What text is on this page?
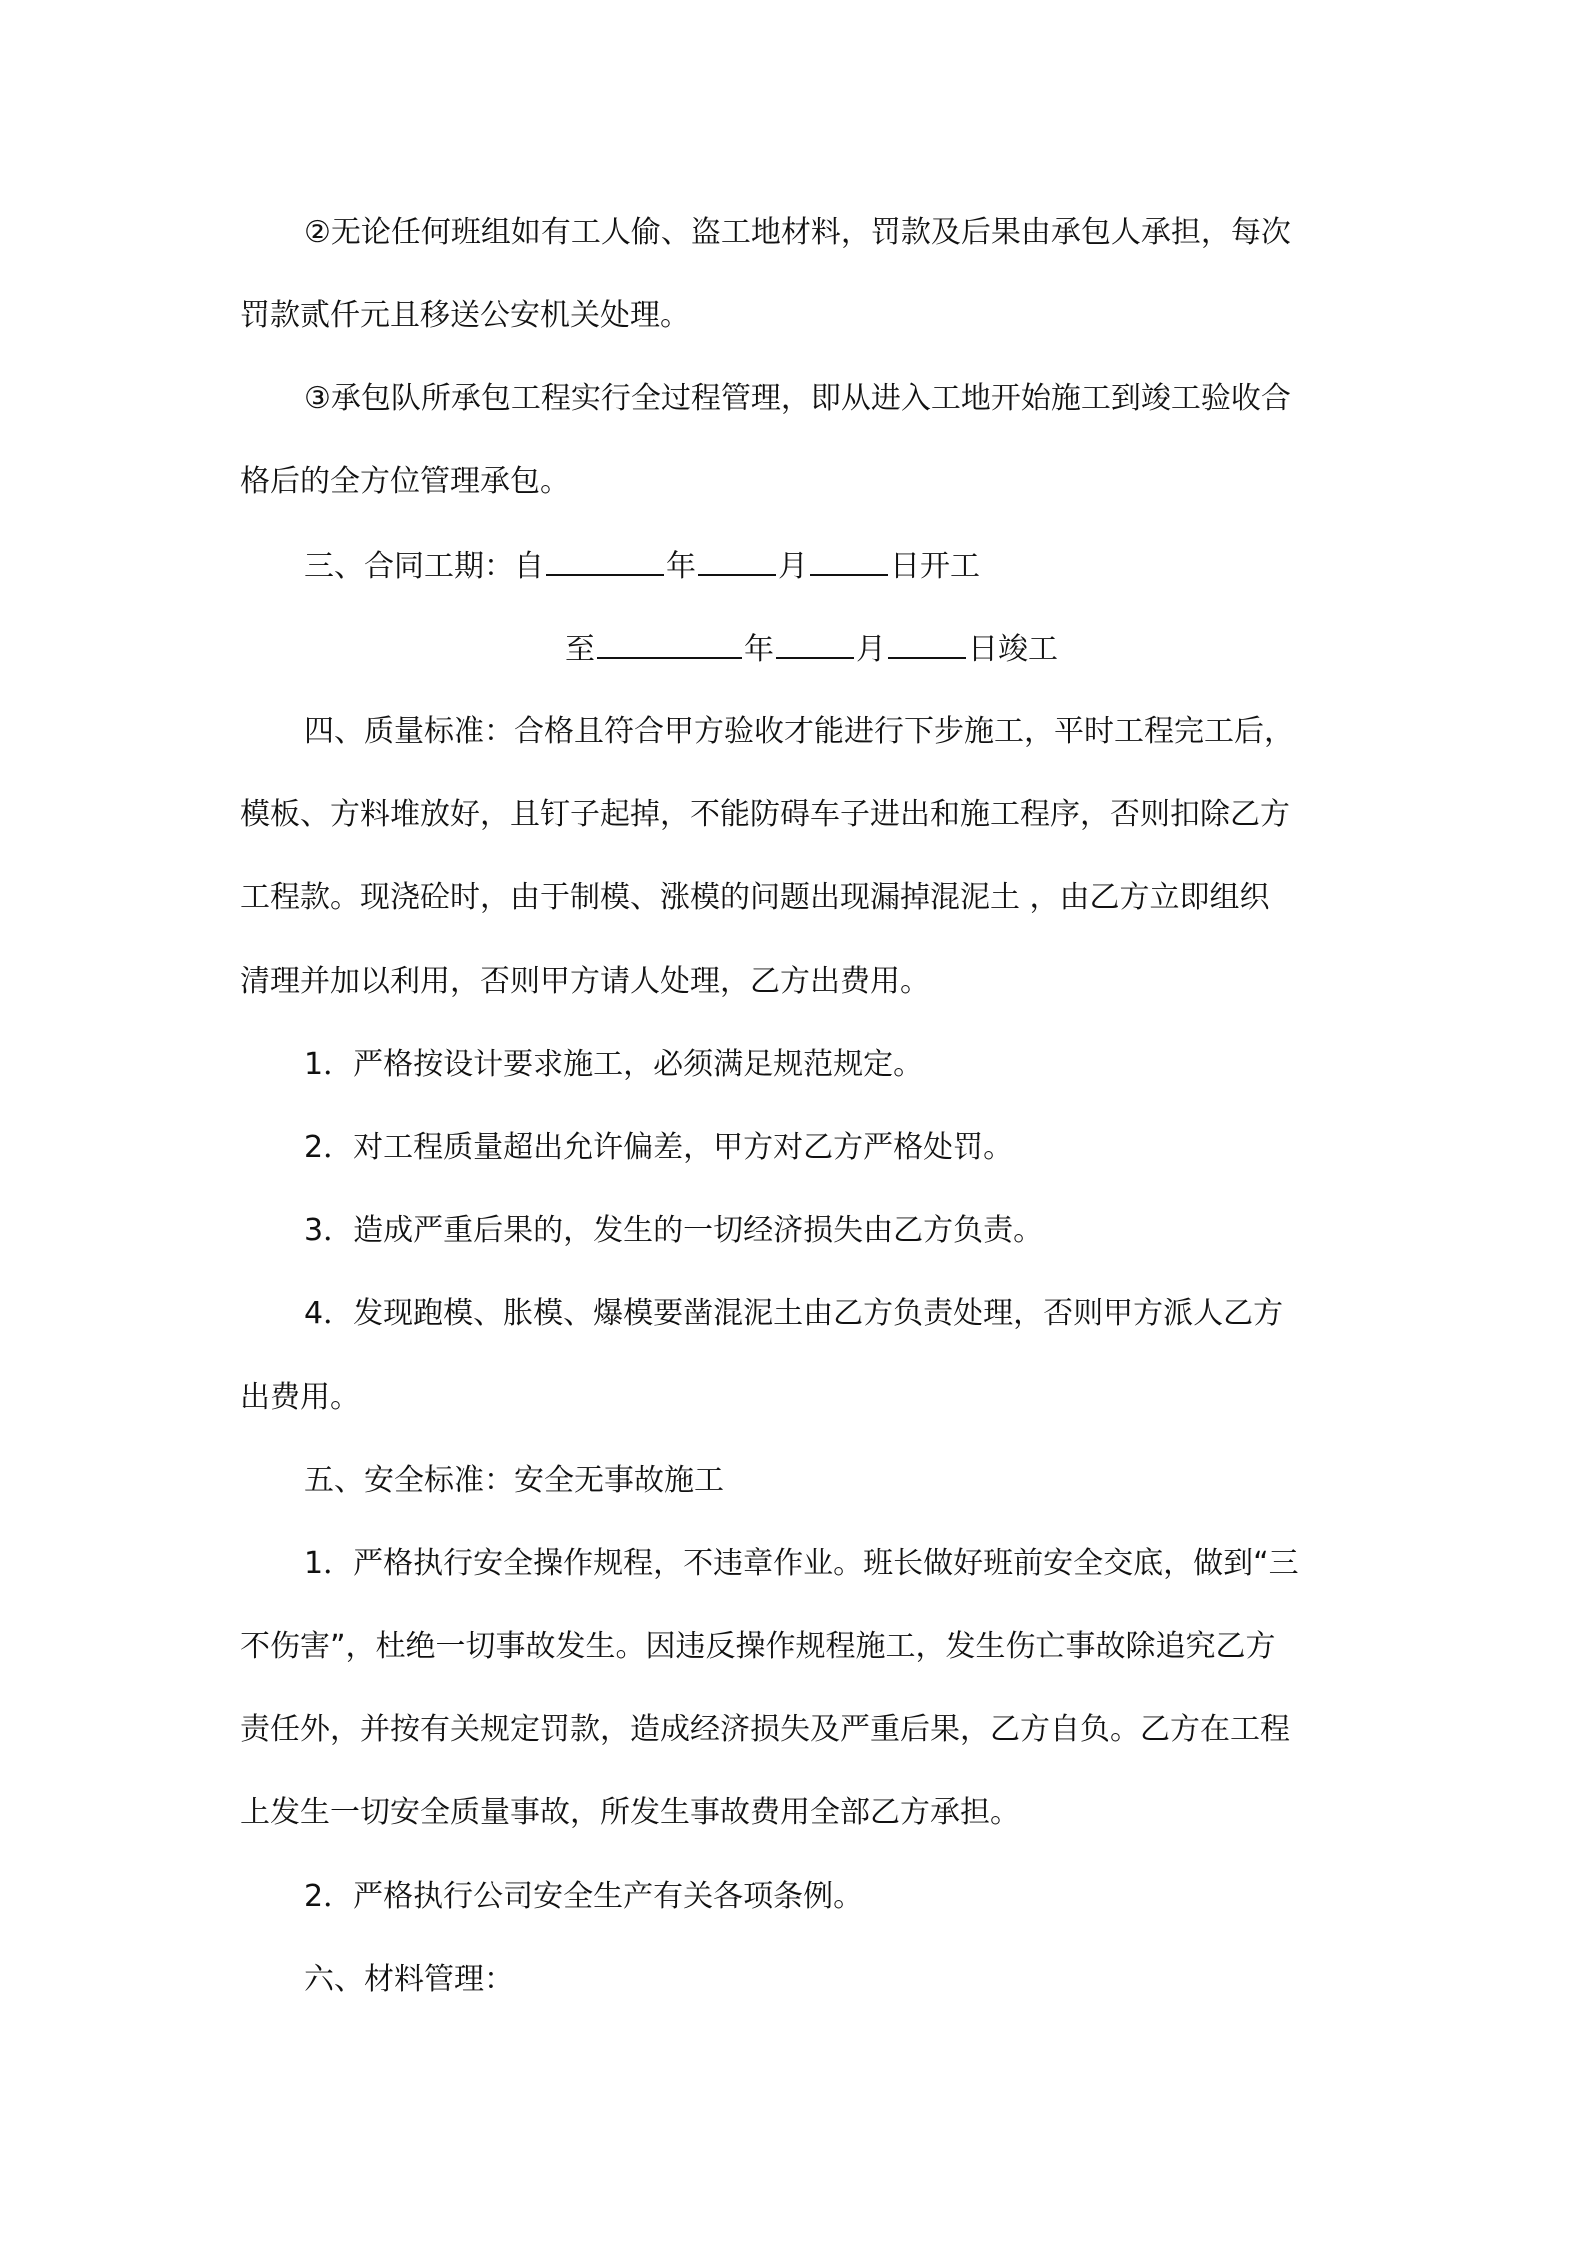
②无论任何班组如有工人偷、盗工地材料，罚款及后果由承包人承担，每次
罚款贰仟元且移送公安机关处理。
③承包队所承包工程实行全过程管理，即从进入工地开始施工到竣工验收合
格后的全方位管理承包。
三、合同工期：自	年	月	日开工
至	年	月	日竣工
四、质量标准：合格且符合甲方验收才能进行下步施工，平时工程完工后，
模板、方料堆放好，且钉子起掉，不能防碍车子进出和施工程序，否则扣除乙方
工程款。现浇砼时，由于制模、涨模的问题出现漏掉混泥土 ，由乙方立即组织
清理并加以利用，否则甲方请人处理，乙方出费用。
1．严格按设计要求施工，必须满足规范规定。
2．对工程质量超出允许偏差，甲方对乙方严格处罚。
3．造成严重后果的，发生的一切经济损失由乙方负责。
4．发现跑模、胀模、爆模要凿混泥土由乙方负责处理，否则甲方派人乙方
出费用。
五、安全标准：安全无事故施工
1．严格执行安全操作规程，不违章作业。班长做好班前安全交底，做到“三
不伤害”，杜绝一切事故发生。因违反操作规程施工，发生伤亡事故除追究乙方
责任外，并按有关规定罚款，造成经济损失及严重后果，乙方自负。乙方在工程
上发生一切安全质量事故，所发生事故费用全部乙方承担。
2．严格执行公司安全生产有关各项条例。
六、材料管理：
